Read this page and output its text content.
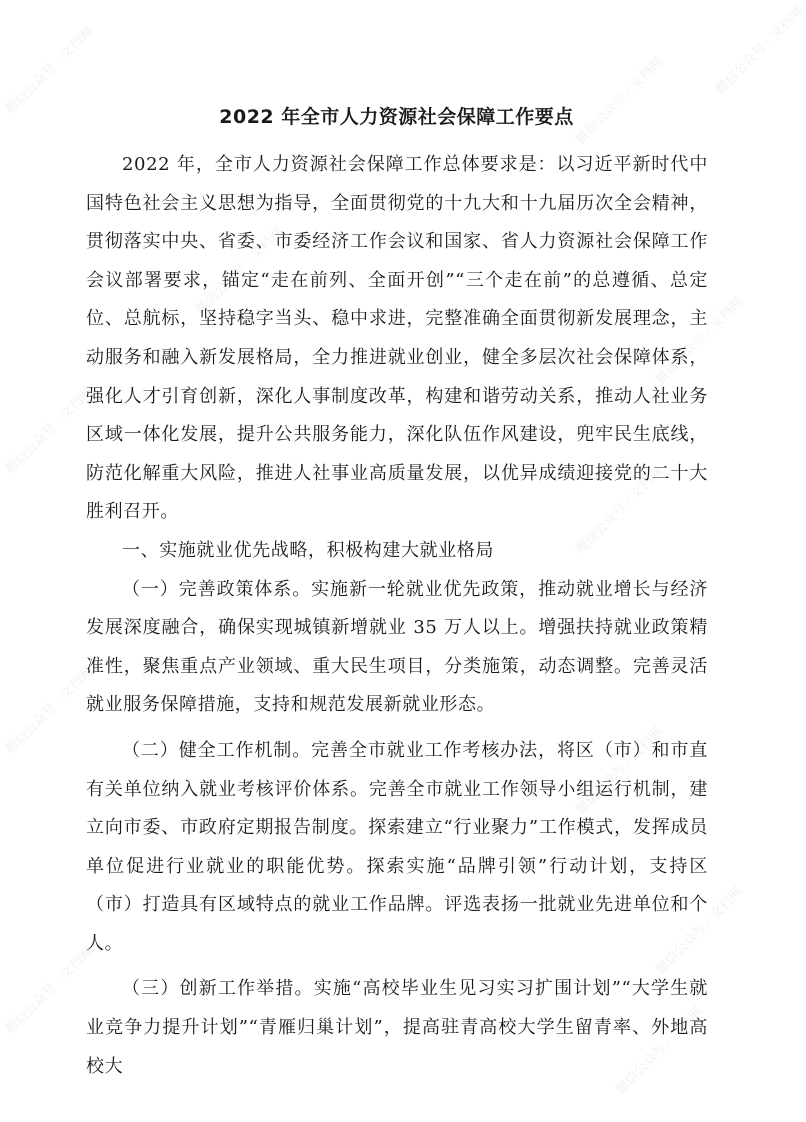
微信公众号 · 文档网	微信公众号 · 文档网
微信公众号 · 文档网
微信公众号 · 文档网
微信公众号 · 文档网
微信公众号 · 文档网
微信公众号 · 文档网
微信公众号 · 文档网
微信公众号 · 文档网
微信公众号 · 文档网
微信公众号 · 文档网
微信公众号 · 文档网
2022 年全市人力资源社会保障工作要点

2022 年，全市人力资源社会保障工作总体要求是：以习近平新时代中国特色社会主义思想为指导，全面贯彻党的十九大和十九届历次全会精神，贯彻落实中央、省委、市委经济工作会议和国家、省人力资源社会保障工作会议部署要求，锚定“走在前列、全面开创”“三个走在前”的总遵循、总定位、总航标，坚持稳字当头、稳中求进，完整准确全面贯彻新发展理念，主动服务和融入新发展格局，全力推进就业创业，健全多层次社会保障体系，强化人才引育创新，深化人事制度改革，构建和谐劳动关系，推动人社业务区域一体化发展，提升公共服务能力，深化队伍作风建设，兜牢民生底线，防范化解重大风险，推进人社事业高质量发展，以优异成绩迎接党的二十大胜利召开。

一、实施就业优先战略，积极构建大就业格局

（一）完善政策体系。实施新一轮就业优先政策，推动就业增长与经济发展深度融合，确保实现城镇新增就业 35 万人以上。增强扶持就业政策精准性，聚焦重点产业领域、重大民生项目，分类施策，动态调整。完善灵活就业服务保障措施，支持和规范发展新就业形态。

（二）健全工作机制。完善全市就业工作考核办法，将区（市）和市直有关单位纳入就业考核评价体系。完善全市就业工作领导小组运行机制，建立向市委、市政府定期报告制度。探索建立“行业聚力”工作模式，发挥成员单位促进行业就业的职能优势。探索实施“品牌引领”行动计划，支持区（市）打造具有区域特点的就业工作品牌。评选表扬一批就业先进单位和个人。

（三）创新工作举措。实施“高校毕业生见习实习扩围计划”“大学生就业竞争力提升计划”“青雁归巢计划”，提高驻青高校大学生留青率、外地高校大
